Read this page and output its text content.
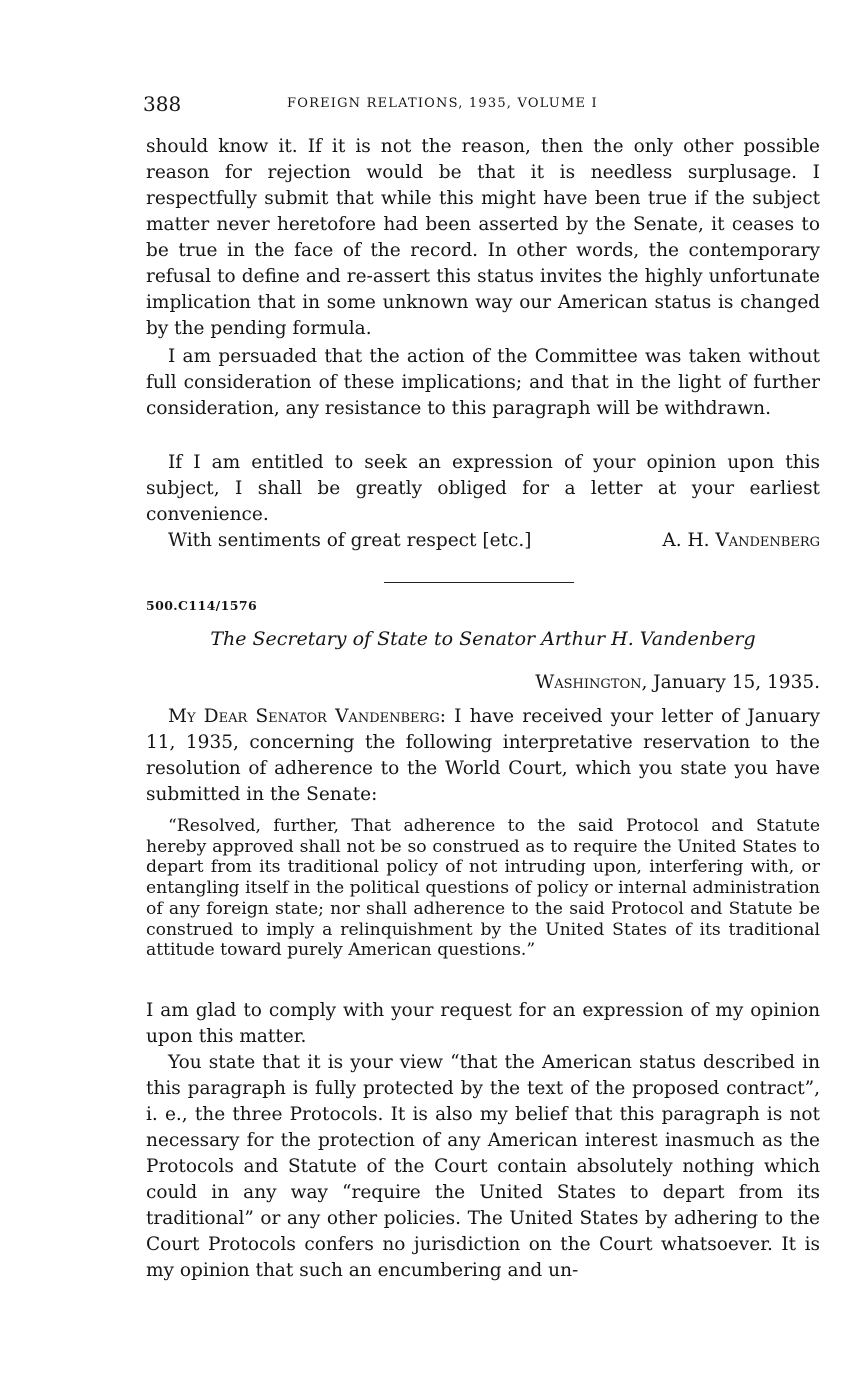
388	FOREIGN RELATIONS, 1935, VOLUME I

should know it. If it is not the reason, then the only other possible reason for rejection would be that it is needless surplusage. I respectfully submit that while this might have been true if the subject matter never heretofore had been asserted by the Senate, it ceases to be true in the face of the record. In other words, the contemporary refusal to define and re-assert this status invites the highly unfortunate implication that in some unknown way our American status is changed by the pending formula.

I am persuaded that the action of the Committee was taken without full consideration of these implications; and that in the light of further consideration, any resistance to this paragraph will be withdrawn.

If I am entitled to seek an expression of your opinion upon this subject, I shall be greatly obliged for a letter at your earliest convenience.

With sentiments of great respect [etc.]	A. H. Vandenberg
500.C114/1576
The Secretary of State to Senator Arthur H. Vandenberg
Washington, January 15, 1935.

My Dear Senator Vandenberg: I have received your letter of January 11, 1935, concerning the following interpretative reservation to the resolution of adherence to the World Court, which you state you have submitted in the Senate:

“Resolved, further, That adherence to the said Protocol and Statute hereby approved shall not be so construed as to require the United States to depart from its traditional policy of not intruding upon, interfering with, or entangling itself in the political questions of policy or internal administration of any foreign state; nor shall adherence to the said Protocol and Statute be construed to imply a relinquishment by the United States of its traditional attitude toward purely American questions.”

I am glad to comply with your request for an expression of my opinion upon this matter.

You state that it is your view “that the American status described in this paragraph is fully protected by the text of the proposed contract”, i. e., the three Protocols. It is also my belief that this paragraph is not necessary for the protection of any American interest inasmuch as the Protocols and Statute of the Court contain absolutely nothing which could in any way “require the United States to depart from its traditional” or any other policies. The United States by adhering to the Court Protocols confers no jurisdiction on the Court whatsoever. It is my opinion that such an encumbering and un-
